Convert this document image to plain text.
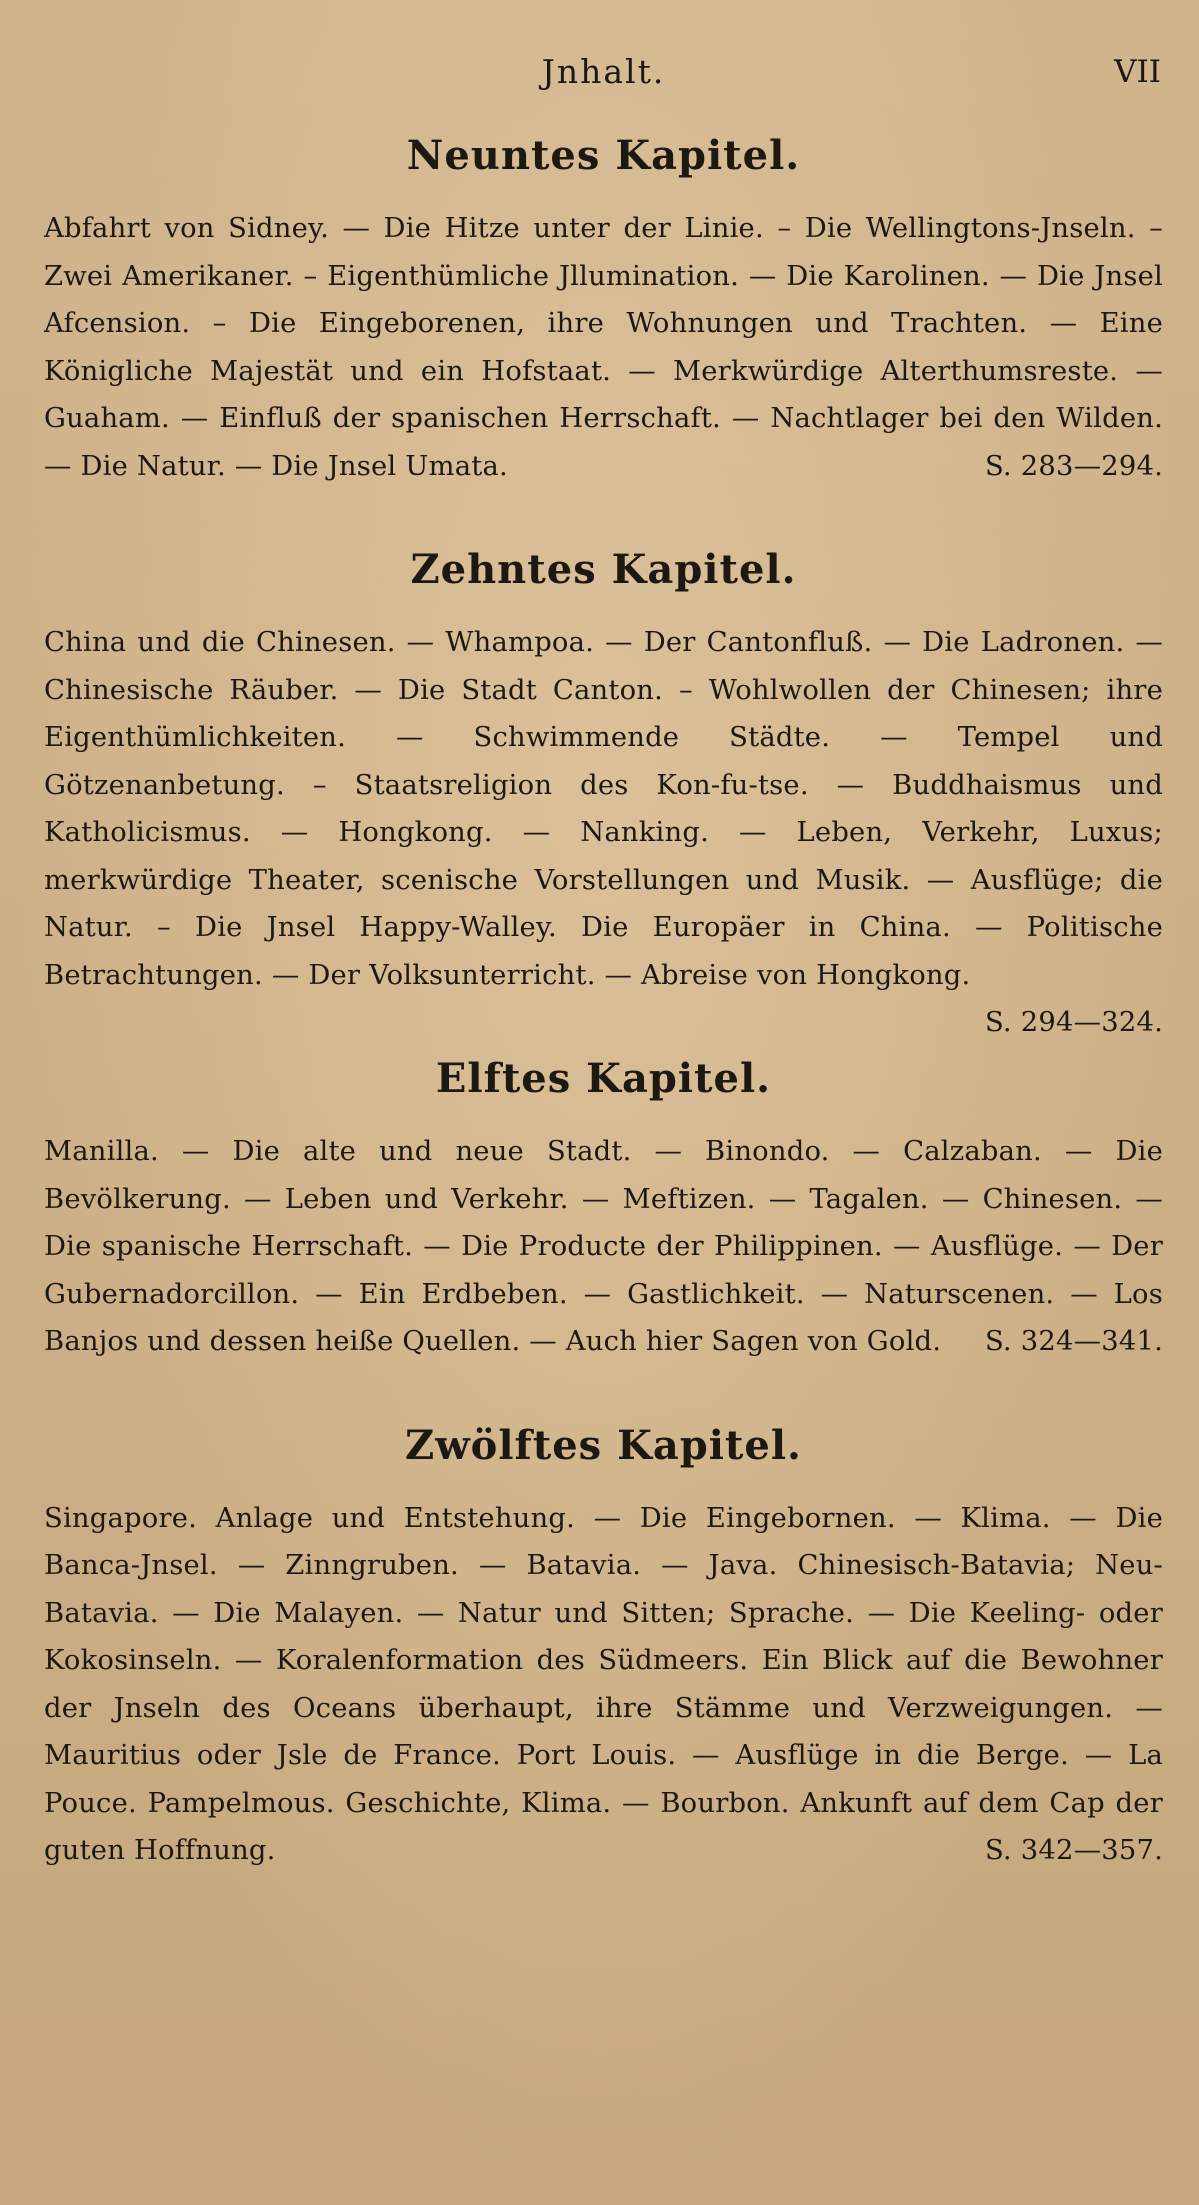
Jnhalt.	VII
Neuntes Kapitel.

Abfahrt von Sidney. — Die Hitze unter der Linie. – Die Wellingtons-Jnseln. – Zwei Amerikaner. – Eigenthümliche Jllumination. — Die Karolinen. — Die Jnsel Afcension. – Die Eingeborenen, ihre Wohnungen und Trachten. — Eine Königliche Majestät und ein Hofstaat. — Merkwürdige Alterthumsreste. — Guaham. — Einfluß der spanischen Herrschaft. — Nachtlager bei den Wilden. — Die Natur. — Die Jnsel Umata.	S. 283—294.

Zehntes Kapitel.

China und die Chinesen. — Whampoa. — Der Cantonfluß. — Die Ladronen. — Chinesische Räuber. — Die Stadt Canton. – Wohlwollen der Chinesen; ihre Eigenthümlichkeiten. — Schwimmende Städte. — Tempel und Götzenanbetung. – Staatsreligion des Kon-fu-tse. — Buddhaismus und Katholicismus. — Hongkong. — Nanking. — Leben, Verkehr, Luxus; merkwürdige Theater, scenische Vorstellungen und Musik. — Ausflüge; die Natur. – Die Jnsel Happy-Walley. Die Europäer in China. — Politische Betrachtungen. — Der Volksunterricht. — Abreise von Hongkong.
S. 294—324.

Elftes Kapitel.

Manilla. — Die alte und neue Stadt. — Binondo. — Calzaban. — Die Bevölkerung. — Leben und Verkehr. — Meftizen. — Tagalen. — Chinesen. — Die spanische Herrschaft. — Die Producte der Philippinen. — Ausflüge. — Der Gubernadorcillon. — Ein Erdbeben. — Gastlichkeit. — Naturscenen. — Los Banjos und dessen heiße Quellen. — Auch hier Sagen von Gold. S. 324—341.

Zwölftes Kapitel.

Singapore. Anlage und Entstehung. — Die Eingebornen. — Klima. — Die Banca-Jnsel. — Zinngruben. — Batavia. — Java. Chinesisch-Batavia; Neu-Batavia. — Die Malayen. — Natur und Sitten; Sprache. — Die Keeling- oder Kokosinseln. — Koralenformation des Südmeers. Ein Blick auf die Bewohner der Jnseln des Oceans überhaupt, ihre Stämme und Verzweigungen. — Mauritius oder Jsle de France. Port Louis. — Ausflüge in die Berge. — La Pouce. Pampelmous. Geschichte, Klima. — Bourbon. Ankunft auf dem Cap der guten Hoffnung.	S. 342—357.
